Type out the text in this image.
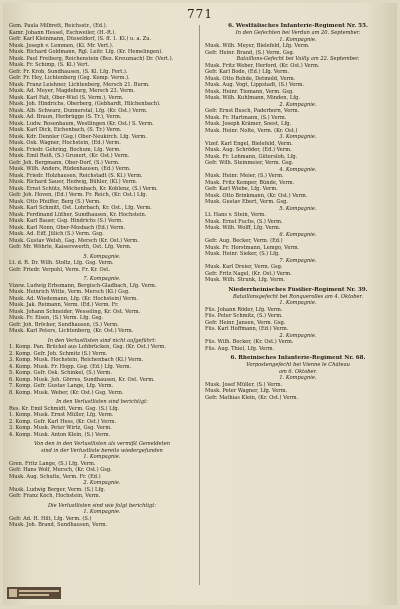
771
Gem. Paula Milbrett, Reichsstr., (Ed.).
Kamr. Johann Hessel, Eschweiler, (H.-R.).
Gefr. Karl Kleinmann, Düsseldorf, (S. ff. 1. Kl.) u. a. Zu.
Musk. Joseph v. Lemmen, (Kl. Mr. Vert.).
Musk. Richard Goldmann, Rgl. Leitr. Lfg. (Kr. Hemelingen).
Musk. Paul Freiberg, Reichenstein (Bez. Kreuznach) Dr. (Vert.).
Musk. Fr. Schimp, (S. Kl.) Vert.
Gefr. Fr. Krob, Sundhausen, (S. Kl. Lfg. Fert.).
Gefr. Fr. Hey, Lichtenberg (Gsg. Komp. Verm.).
Musk. Franz Leishner, Lichtenberg, Mersch 21. Burm.
Musk. Ad. Meyer, Magdeburg, Mersch 23. Verm.
Musk. Karl Falt, Ober-Wiel (S. Verm.), Verm.
Musk. Joh. Hindrichs, Oberberg, (Gebhardt, Hilchenbach).
Musk. Alb. Schwarz, Dunnerstal, Lfg. (Kr. Ost.) Verm.
Musk. Ad. Braun, Herbrügge (S. Tr.), Verm.
Musk. Ludw. Rosenbaum, Westlingen (Kr. Ost.) S. Verm.
Musk. Karl Dick, Eichenbach, (S. Tr.) Verm.
Musk. Kdr. Dennler (Gsg.) Ober-Neukirch. Lfg. Verm.
Musk. Osk. Wagner, Hochstein, (Ed.) Verm.
Musk. Friedr. Gehring, Bochum, Lfg. Verm.
Musk. Emil Reiß, (S.) Grunert, (Kr. Ost.) Verm.
Gefr. Joh. Bergmann, Ober-Dorf, (S.) Verm.
Musk. Wilh. Anders, Rüdenhausen, (Ed.) Verm.
Musk. Friedr. Holzhausen, Reichstadt (S. Kl.) Verm.
Musk. Richard Sauer, Hedwig, Bühler, (Kl.) Verm.
Musk. Ernst Schütz, Möchenbach, Kr. Koblenz, (S.) Verm.
Gefr. Joh. Hoven, (Ed.) Verm. Fr. Reich, (Kr. Ost.) Lfg.
Musk. Otto Pfeiffer, Berg (S.) Verm.
Musk. Karl Schmitt, Ost. Lohrbach, Kr. Ost., Lfg. Verm.
Musk. Ferdinand Lüther, Sundhausen, Kr. Hochstein.
Musk. Karl Bauer, Gsg. Hindrichs (S.) Verm.
Musk. Karl Nonn, Ober-Mosbach (Ed.) Verm.
Musk. Ad. Eiff, Jülich (S.) Verm. Gsg.
Musk. Gustav Welsh, Gsg. Mersch (Kr. Ost.) Verm.
Gefr. Mr. Wöhrle, Kaiserswerth, Ost. Lfg. Verm.
5. Kompagnie.
Lt. d. R. Dr. Wilh. Stoltz, Lfg. Gsg. Verm.
Gefr. Friedr. Verpohl, Verm. Fr. Kr. Ost.
7. Kompagnie.
Vizew. Ludwig Erbsmann, Bergisch-Gladbach, Lfg. Verm.
Musk. Heinrich Witte, Verm. Mersch (Kl.) Gsg.
Musk. Ad. Wiedemann, Lfg. (Kr. Hochstein) Verm.
Musk. Jak. Reimann, Verm. (Ed.) Verm. Fr.
Musk. Johann Schneider, Wesseling, Kr. Ost. Verm.
Musk. Fr. Eisen, (S.) Verm. Lfg. Gsg.
Gefr. Joh. Bröcker, Sundhausen, (S.) Verm.
Musk. Karl Peters, Lichtenberg, (Kr. Ost.) Verm.
In den Verlustlisten sind nicht aufgeführt:
1. Komp. Pan. Brückel aus Lohbrücken, Gsg. (Kr. Ost.) Verm.
2. Komp. Gefr. Joh. Schmitz (S.) Verm.
3. Komp. Musk. Hochstein, Reichenbach (Kl.) Verm.
4. Komp. Musk. Fr. Hopp. Gsg. (Ed.) Lfg. Verm.
5. Komp. Gefr. Osk. Schinkel, (S.) Verm.
6. Komp. Musk. Joh. Görres, Sundhausen, Kr. Ost. Verm.
7. Komp. Gefr. Gustav Lange, Lfg. Verm.
8. Komp. Musk. Weber, (Kr. Ost.) Gsg. Verm.
In den Verlustlisten sind berichtigt:
Res. Kr. Emil Schmidt, Verm. Gsg. (S.) Lfg.
1. Komp. Musk. Ernst Müller, Lfg. Verm.
2. Komp. Gefr. Karl Hess, (Kr. Ost.) Verm.
3. Komp. Musk. Peter Wirtz, Gsg. Verm.
4. Komp. Musk. Anton Klein, (S.) Verm.
Von den in den Verlustlisten als vermißt Gemeldeten
sind in der Verlustliste bereits wiedergefunden
1. Kompagnie.
Gren. Fritz Lange, (S.) Lfg. Verm.
Gefr. Hans Wolf, Mersch, (Kr. Ost.) Gsg.
Musk. Aug. Schulte, Verm. Fr. (Ed.)
2. Kompagnie.
Musk. Ludwig Berger, Verm. (S.) Lfg.
Gefr. Franz Koch, Hochstein, Verm.
Die Verlustlisten sind wie folgt berichtigt:
1. Kompagnie.
Gefr. Ad. H. Hilt, Lfg. Verm. (S.)
Musk. Joh. Brand, Sundhausen, Verm.
6. Westfälisches Infanterie-Regiment Nr. 55.
In den Gefechten bei Verdun am 20. September.
1. Kompagnie.
Musk. Wilh. Meyer, Bielefeld, Lfg. Verm.
Gefr. Heinr. Brand, (S.) Verm. Gsg.
Bataillons-Gefecht bei Vailly am 22. September.
Musk. Fritz Weber, Herford, (Kr. Ost.) Verm.
Gefr. Karl Bode, (Ed.) Lfg. Verm.
Musk. Otto Rohde, Detmold, Verm.
Musk. Aug. Vogt, Lippstadt, (S.) Verm.
Musk. Heinr. Tiemann, Verm. Gsg.
Musk. Wilh. Kuhlmann, Minden, Lfg.
2. Kompagnie.
Gefr. Ernst Busch, Paderborn, Verm.
Musk. Fr. Hartmann, (S.) Verm.
Musk. Joseph Krämer, Soest, Lfg.
Musk. Heinr. Nolte, Verm. (Kr. Ost.)
3. Kompagnie.
Vizef. Karl Engel, Bielefeld, Verm.
Musk. Aug. Schröder, (Ed.) Verm.
Musk. Fr. Lohmann, Gütersloh, Lfg.
Gefr. Wilh. Steinmeier, Verm. Gsg.
4. Kompagnie.
Musk. Heinr. Meier, (S.) Verm.
Musk. Fritz Kemper, Bünde, Verm.
Gefr. Karl Wiebe, Lfg. Verm.
Musk. Otto Brinkmann, (Kr. Ost.) Verm.
Musk. Gustav Ebert, Verm. Gsg.
5. Kompagnie.
Lt. Hans v. Stein, Verm.
Musk. Ernst Fuchs, (S.) Verm.
Musk. Wilh. Wolff, Lfg. Verm.
6. Kompagnie.
Gefr. Aug. Becker, Verm. (Ed.)
Musk. Fr. Horstmann, Lemgo, Verm.
Musk. Heinr. Sieker, (S.) Lfg.
7. Kompagnie.
Musk. Karl Dreier, Verm. Gsg.
Gefr. Fritz Nagel, (Kr. Ost.) Verm.
Musk. Wilh. Strunk, Lfg. Verm.
Niederrheinisches Füsilier-Regiment Nr. 39.
Bataillonsgefecht bei Ronquerolles am 4. Oktober.
1. Kompagnie.
Füs. Johann Röder, Lfg. Verm.
Füs. Peter Schmitz, (S.) Verm.
Gefr. Heinr. Jansen, Verm. Gsg.
Füs. Karl Hoffmann, (Ed.) Verm.
2. Kompagnie.
Füs. Wilh. Becker, (Kr. Ost.) Verm.
Füs. Aug. Thiel, Lfg. Verm.
6. Rheinisches Infanterie-Regiment Nr. 68.
Vorpostengefecht bei Vienne le Château
am 6. Oktober.
1. Kompagnie.
Musk. Josef Müller, (S.) Verm.
Musk. Peter Wagner, Lfg. Verm.
Gefr. Mathias Klein, (Kr. Ost.) Verm.
